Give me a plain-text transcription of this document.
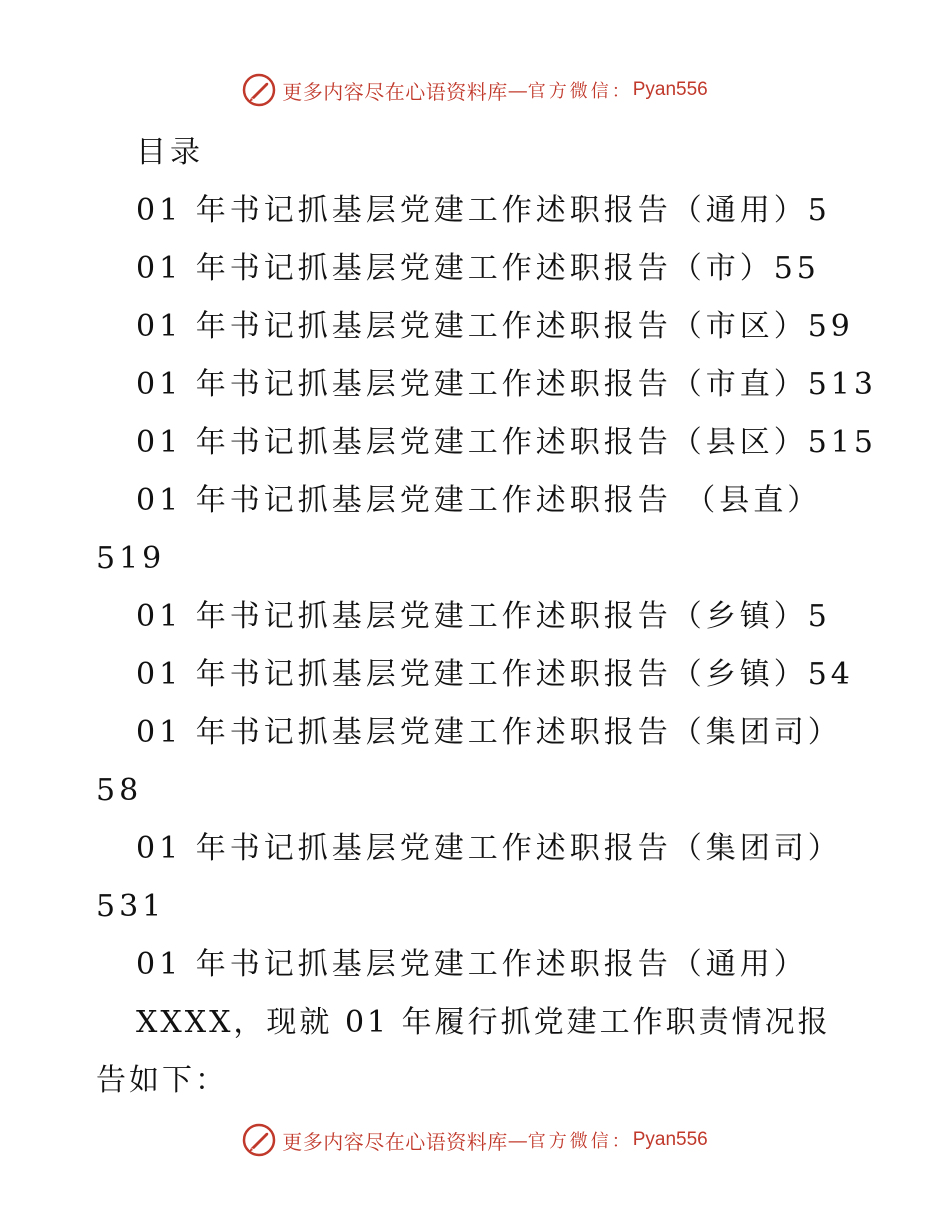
更多内容尽在心语资料库 — 官方微信： Pyan556

目录

01 年书记抓基层党建工作述职报告（通用）5

01 年书记抓基层党建工作述职报告（市）55

01 年书记抓基层党建工作述职报告（市区）59

01 年书记抓基层党建工作述职报告（市直）513

01 年书记抓基层党建工作述职报告（县区）515

01 年书记抓基层党建工作述职报告 （县直）

519

01 年书记抓基层党建工作述职报告（乡镇）5

01 年书记抓基层党建工作述职报告（乡镇）54

01 年书记抓基层党建工作述职报告（集团司）

58

01 年书记抓基层党建工作述职报告（集团司）

531

01 年书记抓基层党建工作述职报告（通用）

XXXX，现就 01 年履行抓党建工作职责情况报告如下：

更多内容尽在心语资料库 — 官方微信： Pyan556
